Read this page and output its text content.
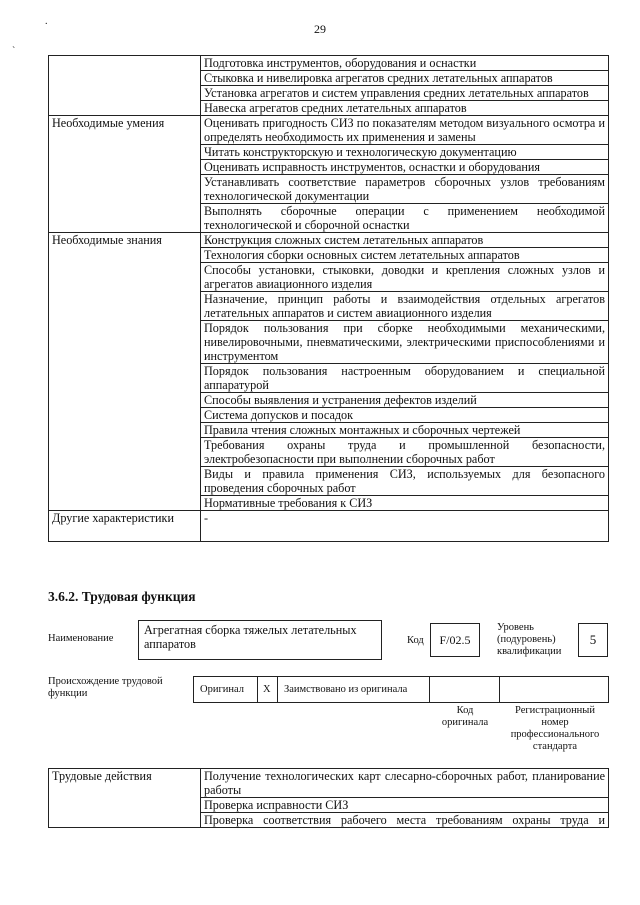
29
.
`
	Подготовка инструментов, оборудования и оснастки
	Стыковка и нивелировка агрегатов средних летательных аппаратов
	Установка агрегатов и систем управления средних летательных аппаратов
	Навеска агрегатов средних летательных аппаратов
Необходимые умения	Оценивать пригодность СИЗ по показателям методом визуального осмотра и определять необходимость их применения и замены
	Читать конструкторскую и технологическую документацию
	Оценивать исправность инструментов, оснастки и оборудования
	Устанавливать соответствие параметров сборочных узлов требованиям технологической документации
	Выполнять сборочные операции с применением необходимой технологической и сборочной оснастки
Необходимые знания	Конструкция сложных систем летательных аппаратов
	Технология сборки основных систем летательных аппаратов
	Способы установки, стыковки, доводки и крепления сложных узлов и агрегатов авиационного изделия
	Назначение, принцип работы и взаимодействия отдельных агрегатов летательных аппаратов и систем авиационного изделия
	Порядок пользования при сборке необходимыми механическими, нивелировочными, пневматическими, электрическими приспособлениями и инструментом
	Порядок пользования настроенным оборудованием и специальной аппаратурой
	Способы выявления и устранения дефектов изделий
	Система допусков и посадок
	Правила чтения сложных монтажных и сборочных чертежей
	Требования охраны труда и промышленной безопасности, электробезопасности при выполнении сборочных работ
	Виды и правила применения СИЗ, используемых для безопасного проведения сборочных работ
	Нормативные требования к СИЗ
Другие характеристики	-
3.6.2. Трудовая функция
Наименование
Агрегатная сборка тяжелых летательных аппаратов	Код	F/02.5
Уровень (подуровень) квалификации
5
Происхождение трудовой функции	Оригинал	X	Заимствовано из оригинала
Код оригинала
Регистрационный номер профессионального стандарта
Трудовые действия	Получение технологических карт слесарно-сборочных работ, планирование работы
Проверка исправности СИЗ
Проверка соответствия рабочего места требованиям охраны труда и
